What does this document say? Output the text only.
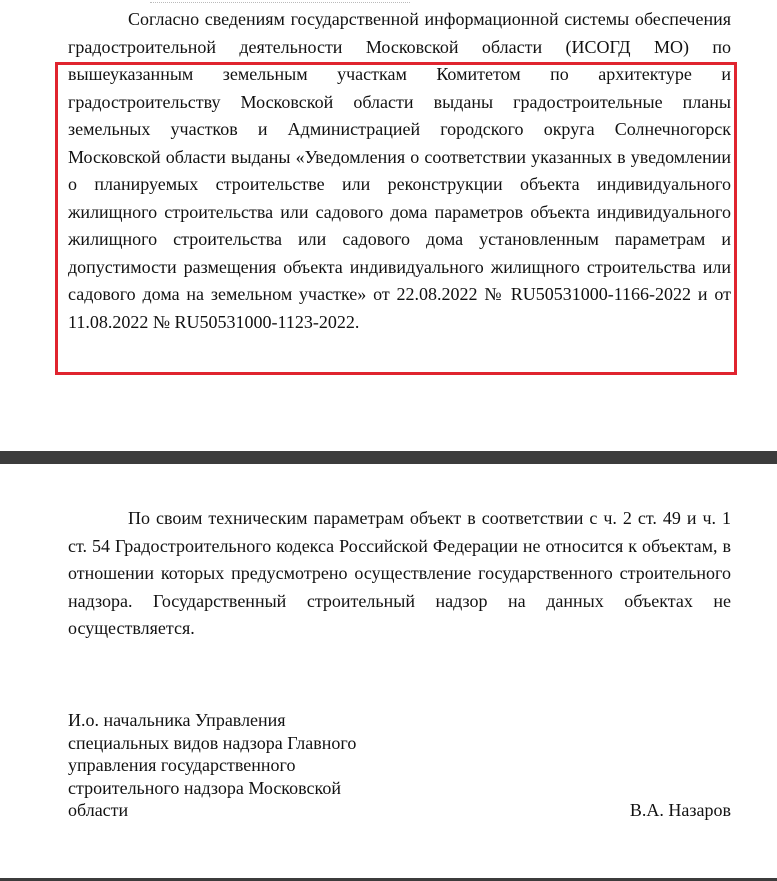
Согласно сведениям государственной информационной системы обеспечения градостроительной деятельности Московской области (ИСОГД МО) по вышеуказанным земельным участкам Комитетом по архитектуре и градостроительству Московской области выданы градостроительные планы земельных участков и Администрацией городского округа Солнечногорск Московской области выданы «Уведомления о соответствии указанных в уведомлении о планируемых строительстве или реконструкции объекта индивидуального жилищного строительства или садового дома параметров объекта индивидуального жилищного строительства или садового дома установленным параметрам и допустимости размещения объекта индивидуального жилищного строительства или садового дома на земельном участке» от 22.08.2022 № RU50531000-1166-2022 и от 11.08.2022 № RU50531000-1123-2022.

По своим техническим параметрам объект в соответствии с ч. 2 ст. 49 и ч. 1 ст. 54 Градостроительного кодекса Российской Федерации не относится к объектам, в отношении которых предусмотрено осуществление государственного строительного надзора. Государственный строительный надзор на данных объектах не осуществляется.

И.о. начальника Управления
специальных видов надзора Главного
управления государственного
строительного надзора Московской
области	В.А. Назаров
